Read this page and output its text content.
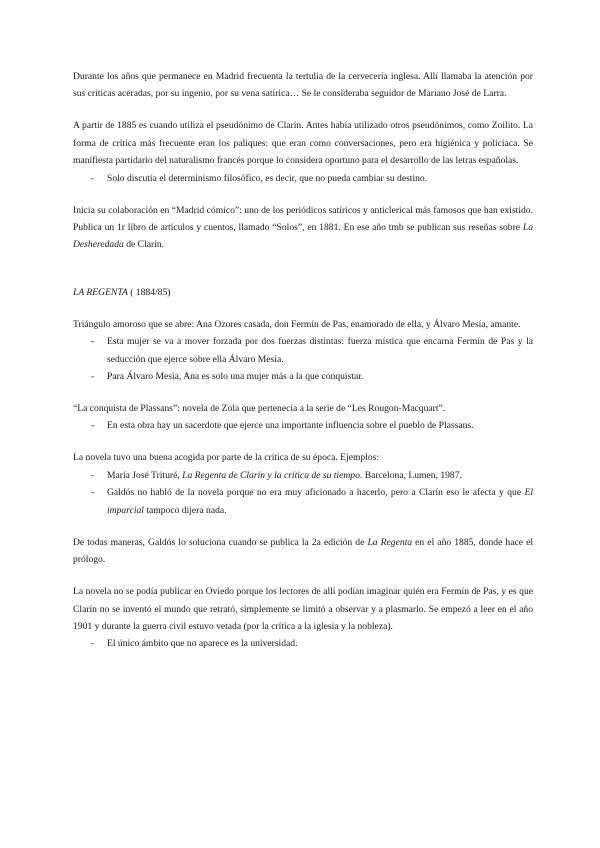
Durante los años que permanece en Madrid frecuenta la tertulia de la cervecería inglesa. Allí llamaba la atención por sus críticas aceradas, por su ingenio, por su vena satírica… Se le consideraba seguidor de Mariano José de Larra.

A partir de 1885 es cuando utiliza el pseudónimo de Clarín. Antes había utilizado otros pseudónimos, como Zoilito. La forma de crítica más frecuente eran los paliques: que eran como conversaciones, pero era higiénica y policíaca. Se manifiesta partidario del naturalismo francés porque lo considera oportuno para el desarrollo de las letras españolas.

- Solo discutía el determinismo filosófico, es decir, que no pueda cambiar su destino.

Inicia su colaboración en “Madrid cómico”: uno de los periódicos satíricos y anticlerical más famosos que han existido. Publica un 1r libro de artículos y cuentos, llamado “Solos”, en 1881. En ese año tmb se publican sus reseñas sobre La Desheredada de Clarín.

LA REGENTA ( 1884/85)

Triángulo amoroso que se abre: Ana Ozores casada, don Fermín de Pas, enamorado de ella, y Álvaro Mesía, amante.

- Esta mujer se va a mover forzada por dos fuerzas distintas: fuerza mística que encarna Fermín de Pas y la seducción que ejerce sobre ella Álvaro Mesía.
- Para Álvaro Mesía, Ana es solo una mujer más a la que conquistar.

“La conquista de Plassans”: novela de Zola que pertenecía a la serie de “Les Rougon-Macquart”.

- En esta obra hay un sacerdote que ejerce una importante influencia sobre el pueblo de Plassans.

La novela tuvo una buena acogida por parte de la crítica de su época. Ejemplos:

- María José Trituré, La Regenta de Clarín y la crítica de su tiempo. Barcelona, Lumen, 1987.
- Galdós no habló de la novela porque no era muy aficionado a hacerlo, pero a Clarín eso le afecta y que El imparcial tampoco dijera nada.

De todas maneras, Galdós lo soluciona cuando se publica la 2a edición de La Regenta en el año 1885, donde hace el prólogo.

La novela no se podía publicar en Oviedo porque los lectores de allí podían imaginar quién era Fermín de Pas, y es que Clarín no se inventó el mundo que retrató, simplemente se limitó a observar y a plasmarlo. Se empezó a leer en el año 1901 y durante la guerra civil estuvo vetada (por la crítica a la iglesia y la nobleza).

- El único ámbito que no aparece es la universidad.
